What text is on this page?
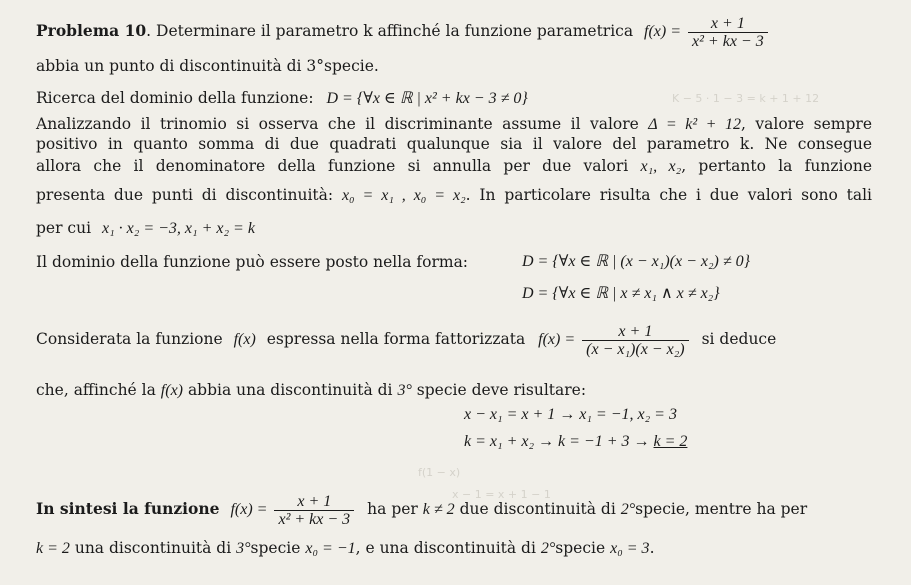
K − 5 · 1 − 3 = k + 1 + 12
f(1 − x)
x − 1 = x + 1 − 1
Problema 10. Determinare il parametro k affinché la funzione parametrica $f(x) = \frac{x + 1}{\text{x² + kx − 3}}$
abbia un punto di discontinuità di 3°specie.
Ricerca del dominio della funzione: D = {∀x ∈ ℝ | x² + kx − 3 ≠ 0}
Analizzando il trinomio si osserva che il discriminante assume il valore Δ = k² + 12, valore sempre
positivo in quanto somma di due quadrati qualunque sia il valore del parametro k. Ne consegue
allora che il denominatore della funzione si annulla per due valori x₁, x₂, pertanto la funzione
presenta due punti di discontinuità: x₀ = x₁ , x₀ = x₂. In particolare risulta che i due valori sono tali
per cui x₁ · x₂ = −3, x₁ + x₂ = k
Il dominio della funzione può essere posto nella forma:	D = {∀x ∈ ℝ | (x − x₁)(x − x₂) ≠ 0}
D = {∀x ∈ ℝ | x ≠ x₁ ∧ x ≠ x₂}
Considerata la funzione f(x) espressa nella forma fattorizzata $f(x) = \frac{x + 1}{\text{(x − x₁)(x − x₂)}}$ si deduce
che, affinché la f(x) abbia una discontinuità di 3° specie deve risultare:
x − x₁ = x + 1 → x₁ = −1, x₂ = 3
k = x₁ + x₂ → k = −1 + 3 → k = 2
In sintesi la funzione $f(x) = \frac{x + 1}{\text{x² + kx − 3}}$ ha per k ≠ 2 due discontinuità di 2°specie, mentre ha per
k = 2 una discontinuità di 3°specie x₀ = −1, e una discontinuità di 2°specie x₀ = 3.
